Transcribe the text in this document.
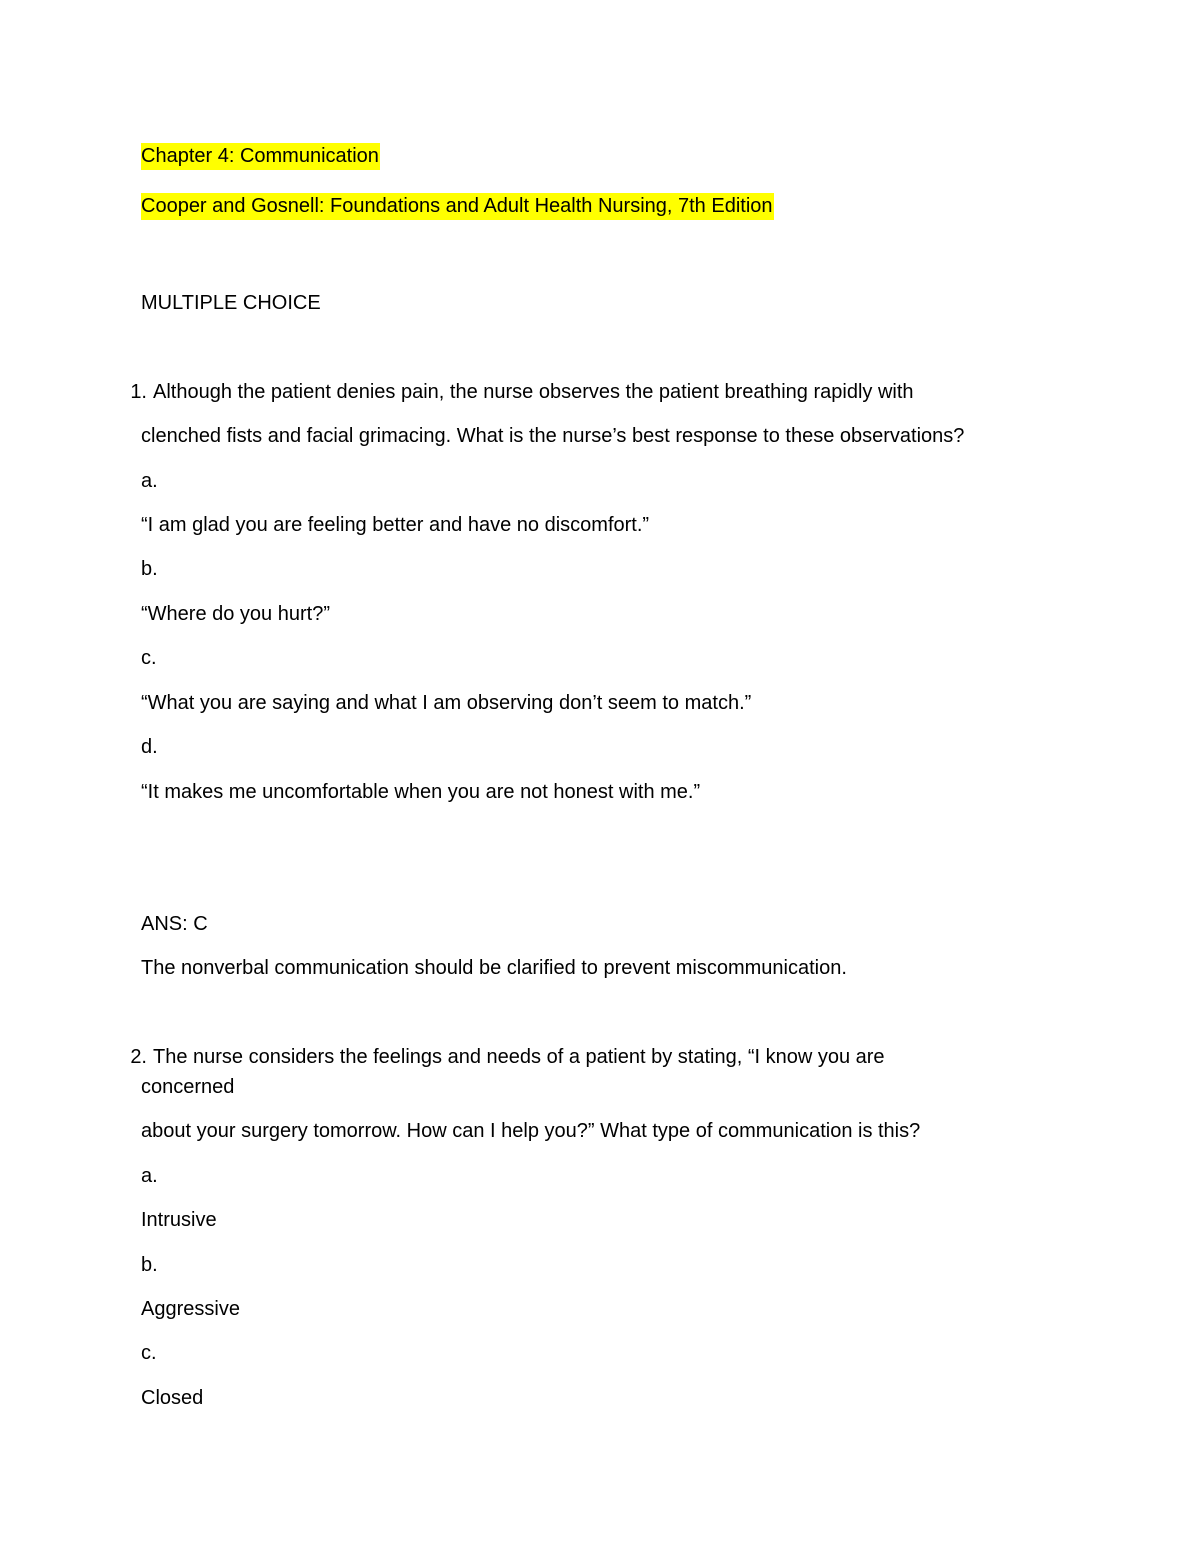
Chapter 4: Communication
Cooper and Gosnell: Foundations and Adult Health Nursing, 7th Edition
MULTIPLE CHOICE
1. Although the patient denies pain, the nurse observes the patient breathing rapidly with
clenched fists and facial grimacing. What is the nurse’s best response to these observations?
a.
“I am glad you are feeling better and have no discomfort.”
b.
“Where do you hurt?”
c.
“What you are saying and what I am observing don’t seem to match.”
d.
“It makes me uncomfortable when you are not honest with me.”
ANS: C
The nonverbal communication should be clarified to prevent miscommunication.
2. The nurse considers the feelings and needs of a patient by stating, “I know you are
concerned
about your surgery tomorrow. How can I help you?” What type of communication is this?
a.
Intrusive
b.
Aggressive
c.
Closed
